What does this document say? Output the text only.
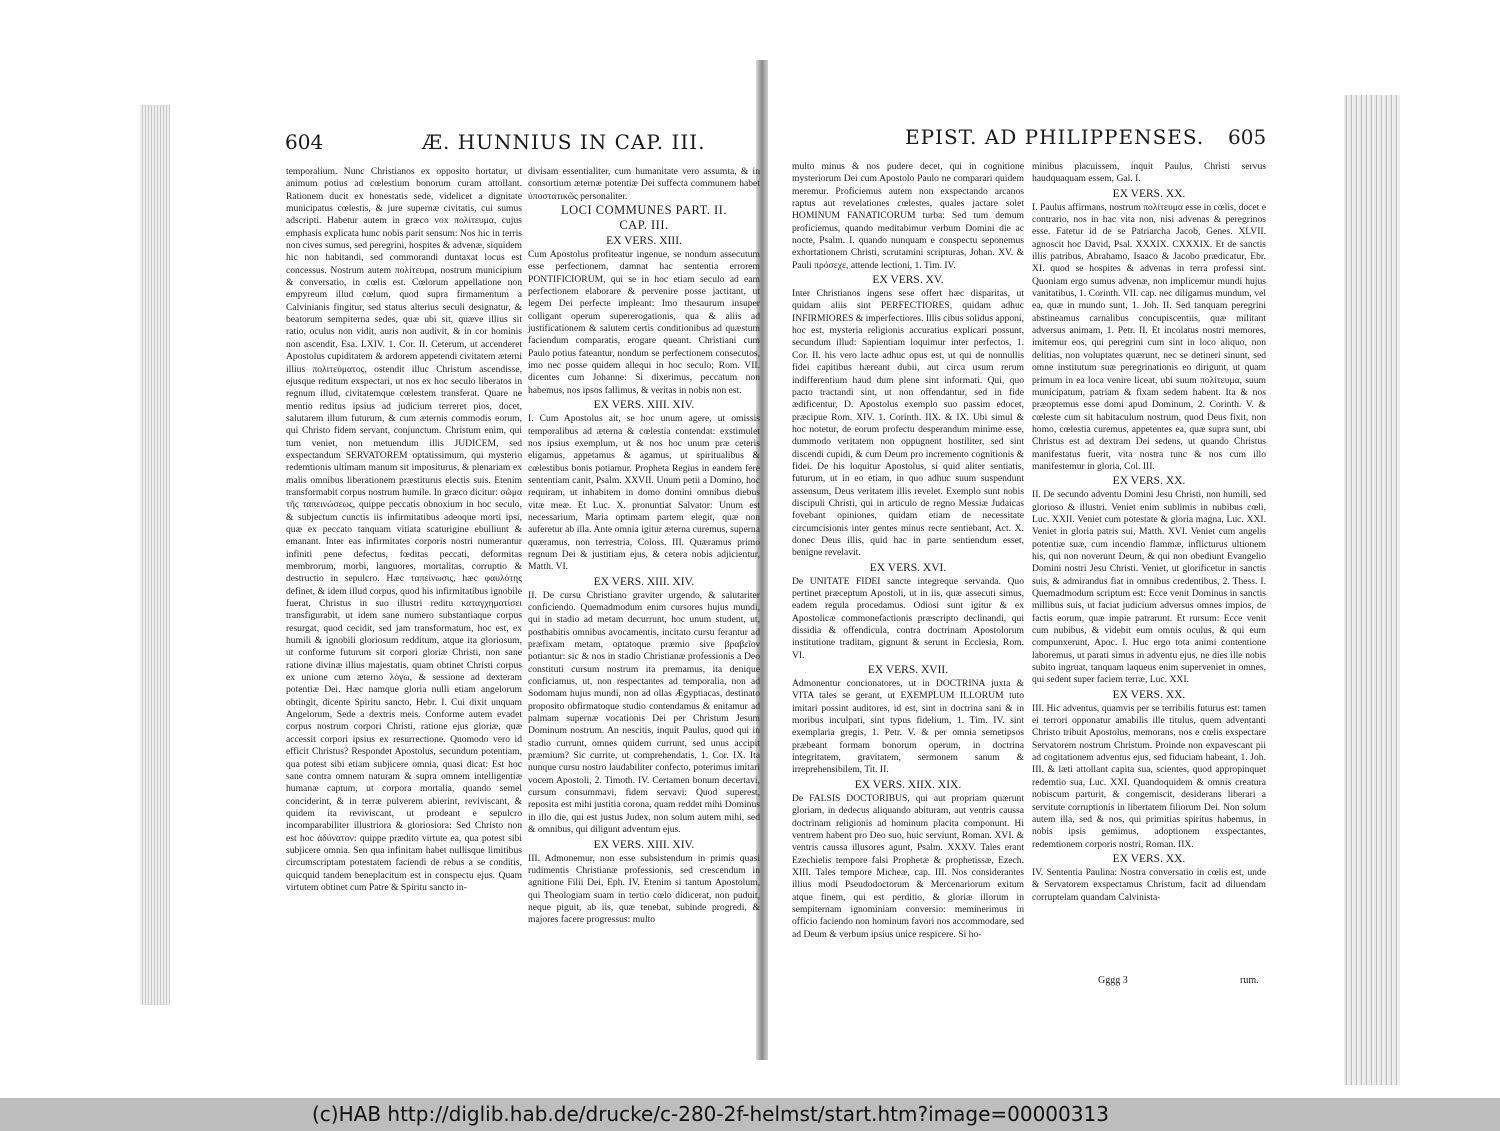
604	Æ. HUNNIUS IN CAP. III.

temporalium. Nunc Christianos ex opposito hortatur, ut animum potius ad cœlestium bonorum curam attollant. Rationem ducit ex honestatis sede, videlicet a dignitate municipatus cœlestis, & jure supernæ civitatis, cui sumus adscripti. Habetur autem in græco vox πολίτευμα, cujus emphasis explicata hunc nobis parit sensum: Nos hic in terris non cives sumus, sed peregrini, hospites & advenæ, siquidem hic non habitandi, sed commorandi duntaxat locus est concessus. Nostrum autem πολίτευμα, nostrum municipium & conversatio, in cœlis est. Cœlorum appellatione non empyreum illud cœlum, quod supra firmamentum a Calvinianis fingitur, sed status alterius seculi designatur, & beatorum sempiterna sedes, quæ ubi sit, quæve illius sit ratio, oculus non vidit, auris non audivit, & in cor hominis non ascendit, Esa. LXIV. 1. Cor. II. Ceterum, ut accenderet Apostolus cupiditatem & ardorem appetendi civitatem æterni illius πολιτεύματος, ostendit illuc Christum ascendisse, ejusque reditum exspectari, ut nos ex hoc seculo liberatos in regnum illud, civitatemque cœlestem transferat. Quare ne mentio reditus ipsius ad judicium terreret pios, docet, salutarem illum futurum, & cum æternis commodis eorum, qui Christo fidem servant, conjunctum. Christum enim, qui tum veniet, non metuendum illis JUDICEM, sed exspectandum SERVATOREM optatissimum, qui mysterio redemtionis ultimam manum sit impositurus, & plenariam ex malis omnibus liberationem præstiturus electis suis. Etenim transformabit corpus nostrum humile. In græco dicitur: σῶμα τῆς ταπεινώσεως, quippe peccatis obnoxium in hoc seculo, & subjectum cunctis iis infirmitatibus adeoque morti ipsi, quæ ex peccato tanquam vitiata scaturigine ebulliunt & emanant. Inter eas infirmitates corporis nostri numerantur infiniti pene defectus, fœditas peccati, deformitas membrorum, morbi, languores, mortalitas, corruptio & destructio in sepulcro. Hæc ταπείνωσις, hæc φαυλότης definet, & idem illud corpus, quod his infirmitatibus ignobile fuerat, Christus in suo illustri reditu καταγχηματίσει transfigurabit, ut idem sane numero substantiaque corpus resurgat, quod cecidit, sed jam transformatum, hoc est, ex humili & ignobili gloriosum redditum, atque ita gloriosum, ut conforme futurum sit corpori gloriæ Christi, non sane ratione divinæ illius majestatis, quam obtinet Christi corpus ex unione cum æterno λόγω, & sessione ad dexteram potentiæ Dei. Hæc namque gloria nulli etiam angelorum obtingit, dicente Spiritu sancto, Hebr. I. Cui dixit unquam Angelorum, Sede a dextris meis. Conforme autem evadet corpus nostrum corpori Christi, ratione ejus gloriæ, quæ accessit corpori ipsius ex resurrectione. Quomodo vero id efficit Christus? Respondet Apostolus, secundum potentiam, qua potest sibi etiam subjicere omnia, quasi dicat: Est hoc sane contra omnem naturam & supra omnem intelligentiæ humanæ captum, ut corpora mortalia, quando semel conciderint, & in terræ pulverem abierint, reviviscant, & quidem ita reviviscant, ut prodeant e sepulcro incomparabiliter illustriora & gloriosiora: Sed Christo non est hoc ἀδύνατον: quippe prædito virtute ea, qua potest sibi subjicere omnia. Sen qua infinitam habet nullisque limitibus circumscriptam potestatem faciendi de rebus a se conditis, quicquid tandem beneplacitum est in conspectu ejus. Quam virtutem obtinet cum Patre & Spiritu sancto in-

divisam essentialiter, cum humanitate vero assumta, & in consortium æternæ potentiæ Dei suffecta communem habet ὑποστατικῶς personaliter.

LOCI COMMUNES PART. II.
CAP. III.
EX VERS. XIII.

Cum Apostolus profiteatur ingenue, se nondum assecutum esse perfectionem, damnat hac sententia errorem PONTIFICIORUM, qui se in hoc etiam seculo ad eam perfectionem elaborare & pervenire posse jactitant, ut legem Dei perfecte impleant: Imo thesaurum insuper colligant operum supererogationis, qua & aliis ad justificationem & salutem certis conditionibus ad quæstum faciendum comparatis, erogare queant. Christiani cum Paulo potius fateantur, nondum se perfectionem consecutos, imo nec posse quidem allequi in hoc seculo; Rom. VII. dicentes cum Johanne: Si dixerimus, peccatum non habemus, nos ipsos fallimus, & veritas in nobis non est.

EX VERS. XIII. XIV.

I. Cum Apostolus ait, se hoc unum agere, ut omissis temporalibus ad æterna & cœlestia contendat: exstimulet nos ipsius exemplum, ut & nos hoc unum præ ceteris eligamus, appetamus & agamus, ut spiritualibus & cœlestibus bonis potiamur. Propheta Regius in eandem fere sententiam canit, Psalm. XXVII. Unum petii a Domino, hoc requiram, ut inhabitem in domo domini omnibus diebus vitæ meæ. Et Luc. X. pronuntiat Salvator: Unum est necessarium, Maria optimam partem elegit, quæ non auferetur ab illa. Ante omnia igitur æterna curemus, superna quæramus, non terrestria, Coloss. III. Quæramus primo regnum Dei & justitiam ejus, & cetera nobis adjicientur, Matth. VI.

EX VERS. XIII. XIV.

II. De cursu Christiano graviter urgendo, & salutariter conficiendo. Quemadmodum enim cursores hujus mundi, qui in stadio ad metam decurrunt, hoc unum student, ut, posthabitis omnibus avocamentis, incitato cursu ferantur ad præfixam metam, optatoque præmio sive βραβεῖον potiantur: sic & nos in stadio Christianæ professionis a Deo constituti cursum nostrum ita premamus, ita denique conficiamus, ut, non respectantes ad temporalia, non ad Sodomam hujus mundi, non ad ollas Ægyptiacas, destinato proposito obfirmatoque studio contendamus & enitamur ad palmam supernæ vocationis Dei per Christum Jesum Dominum nostrum. An nescitis, inquit Paulus, quod qui in stadio currunt, omnes quidem currunt, sed unus accipit præmium? Sic currite, ut comprehendatis, 1. Cor. IX. Ita nunque cursu nostro laudabiliter confecto, poterimus imitari vocem Apostoli, 2. Timoth. IV. Certamen bonum decertavi, cursum consummavi, fidem servavi: Quod superest, reposita est mihi justitia corona, quam reddet mihi Dominus in illo die, qui est justus Judex, non solum autem mihi, sed & omnibus, qui diligunt adventum ejus.

EX VERS. XIII. XIV.

III. Admonemur, non esse subsistendum in primis quasi rudimentis Christianæ professionis, sed crescendum in agnitione Filii Dei, Eph. IV. Etenim si tantum Apostolum, qui Theologiam suam in tertio cœlo didicerat, non puduit, neque piguit, ab iis, quæ tenebat, subinde progredi, & majores facere progressus: multo

EPIST. AD PHILIPPENSES. 605

multo minus & nos pudere decet, qui in cognitione mysteriorum Dei cum Apostolo Paulo ne comparari quidem meremur. Proficiemus autem non exspectando arcanos raptus aut revelationes cœlestes, quales jactare solet HOMINUM FANATICORUM turba: Sed tum demum proficiemus, quando meditabimur verbum Domini die ac nocte, Psalm. I. quando nunquam e conspectu seponemus exhortationem Christi, scrutamini scripturas, Johan. XV. & Pauli πρόσεχε, attende lectioni, 1. Tim. IV.

EX VERS. XV.

Inter Christianos ingens sese offert hæc disparitas, ut quidam aliis sint PERFECTIORES, quidam adhuc INFIRMIORES & imperfectiores. Illis cibus solidus apponi, hoc est, mysteria religionis accuratius explicari possunt, secundum illud: Sapientiam loquimur inter perfectos, 1. Cor. II. his vero lacte adhuc opus est, ut qui de nonnullis fidei capitibus hæreant dubii, aut circa usum rerum indifferentium haud dum plene sint informati. Qui, quo pacto tractandi sint, ut non offendantur, sed in fide ædificentur, D. Apostolus exemplo suo passim edocet, præcipue Rom. XIV. 1. Corinth. IIX. & IX. Ubi simul & hoc notetur, de eorum profectu desperandum minime esse, dummodo veritatem non oppugnent hostiliter, sed sint discendi cupidi, & cum Deum pro incremento cognitionis & fidei. De his loquitur Apostolus, si quid aliter sentiatis, futurum, ut in eo etiam, in quo adhuc suum suspendunt assensum, Deus veritatem illis revelet. Exemplo sunt nobis discipuli Christi, qui in articulo de regno Messiæ Judaicas fovebant opiniones, quidam etiam de necessitate circumcisionis inter gentes minus recte sentiebant, Act. X. donec Deus illis, quid hac in parte sentiendum esset, benigne revelavit.

EX VERS. XVI.

De UNITATE FIDEI sancte integreque servanda. Quo pertinet præceptum Apostoli, ut in iis, quæ assecuti simus, eadem regula procedamus. Odiosi sunt igitur & ex Apostolicæ commonefactionis præscripto declinandi, qui dissidia & offendicula, contra doctrinam Apostolorum institutione traditam, gignunt & serunt in Ecclesia, Rom. VI.

EX VERS. XVII.

Admonentur concionatores, ut in DOCTRINA juxta & VITA tales se gerant, ut EXEMPLUM ILLORUM tuto imitari possint auditores, id est, sint in doctrina sani & in moribus inculpati, sint typus fidelium, 1. Tim. IV. sint exemplaria gregis, 1. Petr. V. & per omnia semetipsos præbeant formam bonorum operum, in doctrina integritatem, gravitatem, sermonem sanum & irreprehensibilem, Tit. II.

EX VERS. XIIX. XIX.

De FALSIS DOCTORIBUS, qui aut propriam quærunt gloriam, in dedecus aliquando abituram, aut ventris caussa doctrinam religionis ad hominum placita componunt. Hi ventrem habent pro Deo suo, huic serviunt, Roman. XVI. & ventris caussa illusores agunt, Psalm. XXXV. Tales erant Ezechielis tempore falsi Prophetæ & prophetissæ, Ezech. XIII. Tales tempore Micheæ, cap. III. Nos considerantes illius modi Pseudodoctorum & Mercenariorum exitum atque finem, qui est perditio, & gloriæ illorum in sempiternam ignominiam conversio: meminerimus in officio faciendo non hominum favori nos accommodare, sed ad Deum & verbum ipsius unice respicere. Si ho-

minibus placuissem, inquit Paulus, Christi servus haudquaquam essem, Gal. I.

EX VERS. XX.

I. Paulus affirmans, nostrum πολίτευμα esse in cœlis, docet e contrario, nos in hac vita non, nisi advenas & peregrinos esse. Fatetur id de se Patriarcha Jacob, Genes. XLVII. agnoscit hoc David, Psal. XXXIX. CXXXIX. Et de sanctis illis patribus, Abrahamo, Isaaco & Jacobo prædicatur, Ebr. XI. quod se hospites & advenas in terra professi sint. Quoniam ergo sumus advenæ, non implicemur mundi hujus vanitatibus, 1. Corinth. VII. cap. nec diligamus mundum, vel ea, quæ in mundo sunt, 1. Joh. II. Sed tanquam peregrini abstineamus carnalibus concupiscentiis, quæ militant adversus animam, 1. Petr. II. Et incolatus nostri memores, imitemur eos, qui peregrini cum sint in loco aliquo, non delitias, non voluptates quærunt, nec se detineri sinunt, sed omne institutum suæ peregrinationis eo dirigunt, ut quam primum in ea loca venire liceat, ubi suum πολίτευμα, suum municipatum, patriam & fixam sedem habent. Ita & nos præoptemus esse domi apud Dominum, 2. Corinth. V. & cœleste cum sit habitaculum nostrum, quod Deus fixit, non homo, cœlestia curemus, appetentes ea, quæ supra sunt, ubi Christus est ad dextram Dei sedens, ut quando Christus manifestatus fuerit, vita nostra tunc & nos cum illo manifestemur in gloria, Col. III.

EX VERS. XX.

II. De secundo adventu Domini Jesu Christi, non humili, sed glorioso & illustri. Veniet enim sublimis in nubibus cœli, Luc. XXII. Veniet cum potestate & gloria magna, Luc. XXI. Veniet in gloria patris sui, Matth. XVI. Veniet cum angelis potentiæ suæ, cum incendio flammæ, inflicturus ultionem his, qui non noverunt Deum, & qui non obediunt Evangelio Domini nostri Jesu Christi. Veniet, ut glorificetur in sanctis suis, & admirandus fiat in omnibus credentibus, 2. Thess. I. Quemadmodum scriptum est: Ecce venit Dominus in sanctis millibus suis, ut faciat judicium adversus omnes impios, de factis eorum, quæ impie patrarunt. Et rursum: Ecce venit cum nubibus, & videbit eum omnis oculus, & qui eum compunxerunt, Apoc. I. Huc ergo tota animi contentione laboremus, ut parati simus in adventu ejus, ne dies ille nobis subito ingruat, tanquam laqueus enim superveniet in omnes, qui sedent super faciem terræ, Luc. XXI.

EX VERS. XX.

III. Hic adventus, quamvis per se terribilis futurus est: tamen ei terrori opponatur amabilis ille titulus, quem adventanti Christo tribuit Apostolus, memorans, nos e cœlis exspectare Servatorem nostrum Christum. Proinde non expavescant pii ad cogitationem adventus ejus, sed fiduciam habeant, 1. Joh. III. & læti attollant capita sua, scientes, quod appropinquet redemtio sua, Luc. XXI. Quandoquidem & omnis creatura nobiscum parturit, & congemiscit, desiderans liberari a servitute corruptionis in libertatem filiorum Dei. Non solum autem illa, sed & nos, qui primitias spiritus habemus, in nobis ipsis gemimus, adoptionem exspectantes, redemtionem corporis nostri, Roman. IIX.

EX VERS. XX.

IV. Sententia Paulina: Nostra conversatio in cœlis est, unde & Servatorem exspectamus Christum, facit ad diluendam corruptelam quandam Calvinista-

Gggg 3	rum.
(c)HAB http://diglib.hab.de/drucke/c-280-2f-helmst/start.htm?image=00000313
